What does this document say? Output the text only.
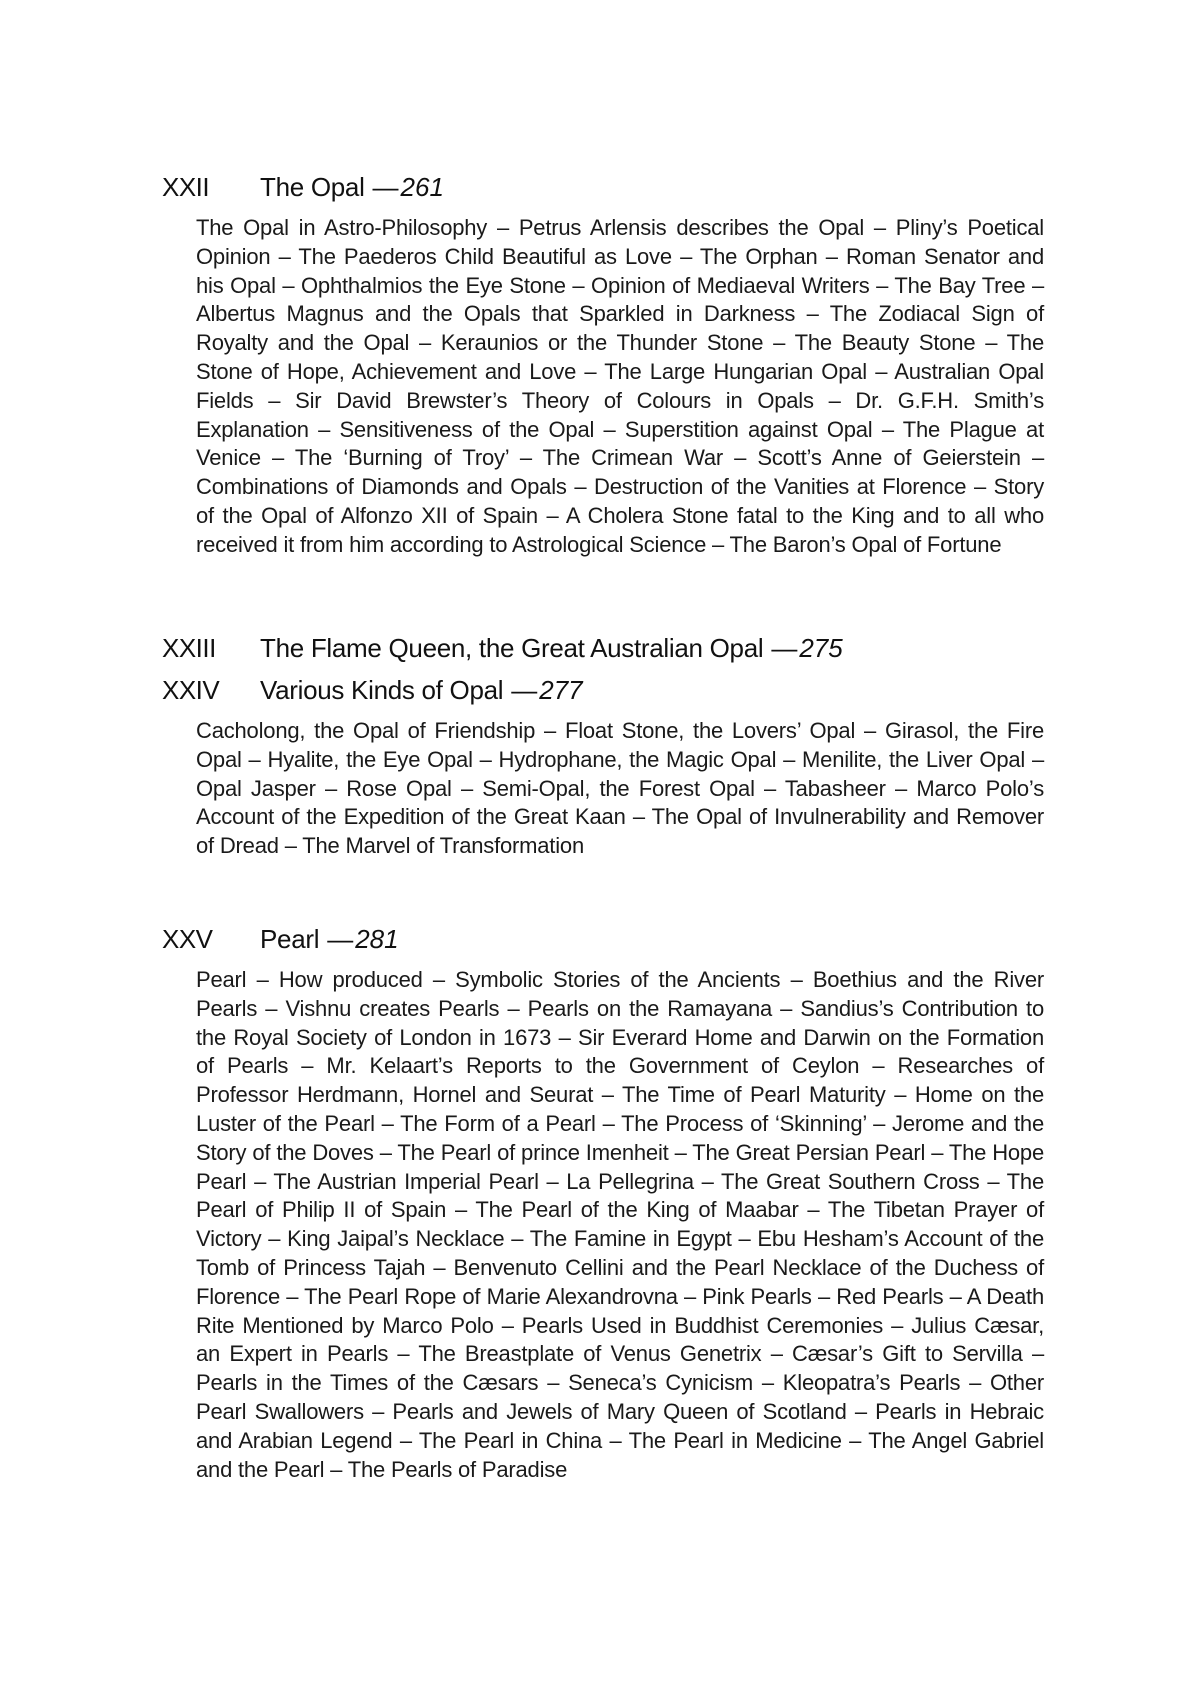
XXII	The Opal — 261

The Opal in Astro-Philosophy – Petrus Arlensis describes the Opal – Pliny’s Poetical Opinion – The Paederos Child Beautiful as Love – The Orphan – Roman Senator and his Opal – Ophthalmios the Eye Stone – Opinion of Mediaeval Writers – The Bay Tree – Albertus Magnus and the Opals that Sparkled in Darkness – The Zodiacal Sign of Royalty and the Opal – Keraunios or the Thunder Stone – The Beauty Stone – The Stone of Hope, Achievement and Love – The Large Hungarian Opal – Australian Opal Fields – Sir David Brewster’s Theory of Colours in Opals – Dr. G.F.H. Smith’s Explanation – Sensitiveness of the Opal – Superstition against Opal – The Plague at Venice – The ‘Burning of Troy’ – The Crimean War – Scott’s Anne of Geierstein – Combinations of Diamonds and Opals – Destruction of the Vanities at Florence – Story of the Opal of Alfonzo XII of Spain – A Cholera Stone fatal to the King and to all who received it from him according to Astrological Science – The Baron’s Opal of Fortune

XXIII	The Flame Queen, the Great Australian Opal — 275
XXIV	Various Kinds of Opal — 277

Cacholong, the Opal of Friendship – Float Stone, the Lovers’ Opal – Girasol, the Fire Opal – Hyalite, the Eye Opal – Hydrophane, the Magic Opal – Menilite, the Liver Opal – Opal Jasper – Rose Opal – Semi-Opal, the Forest Opal – Tabasheer – Marco Polo’s Account of the Expedition of the Great Kaan – The Opal of Invulnerability and Remover of Dread – The Marvel of Transformation

XXV	Pearl — 281

Pearl – How produced – Symbolic Stories of the Ancients – Boethius and the River Pearls – Vishnu creates Pearls – Pearls on the Ramayana – Sandius’s Contribution to the Royal Society of London in 1673 – Sir Everard Home and Darwin on the Formation of Pearls – Mr. Kelaart’s Reports to the Government of Ceylon – Researches of Professor Herdmann, Hornel and Seurat – The Time of Pearl Maturity – Home on the Luster of the Pearl – The Form of a Pearl – The Process of ‘Skinning’ – Jerome and the Story of the Doves – The Pearl of prince Imenheit – The Great Persian Pearl – The Hope Pearl – The Austrian Imperial Pearl – La Pellegrina – The Great Southern Cross – The Pearl of Philip II of Spain – The Pearl of the King of Maabar – The Tibetan Prayer of Victory – King Jaipal’s Necklace – The Famine in Egypt – Ebu Hesham’s Account of the Tomb of Princess Tajah – Benvenuto Cellini and the Pearl Necklace of the Duchess of Florence – The Pearl Rope of Marie Alexandrovna – Pink Pearls – Red Pearls – A Death Rite Mentioned by Marco Polo – Pearls Used in Buddhist Ceremonies – Julius Cæsar, an Expert in Pearls – The Breastplate of Venus Genetrix – Cæsar’s Gift to Servilla – Pearls in the Times of the Cæsars – Seneca’s Cynicism – Kleopatra’s Pearls – Other Pearl Swallowers – Pearls and Jewels of Mary Queen of Scotland – Pearls in Hebraic and Arabian Legend – The Pearl in China – The Pearl in Medicine – The Angel Gabriel and the Pearl – The Pearls of Paradise
